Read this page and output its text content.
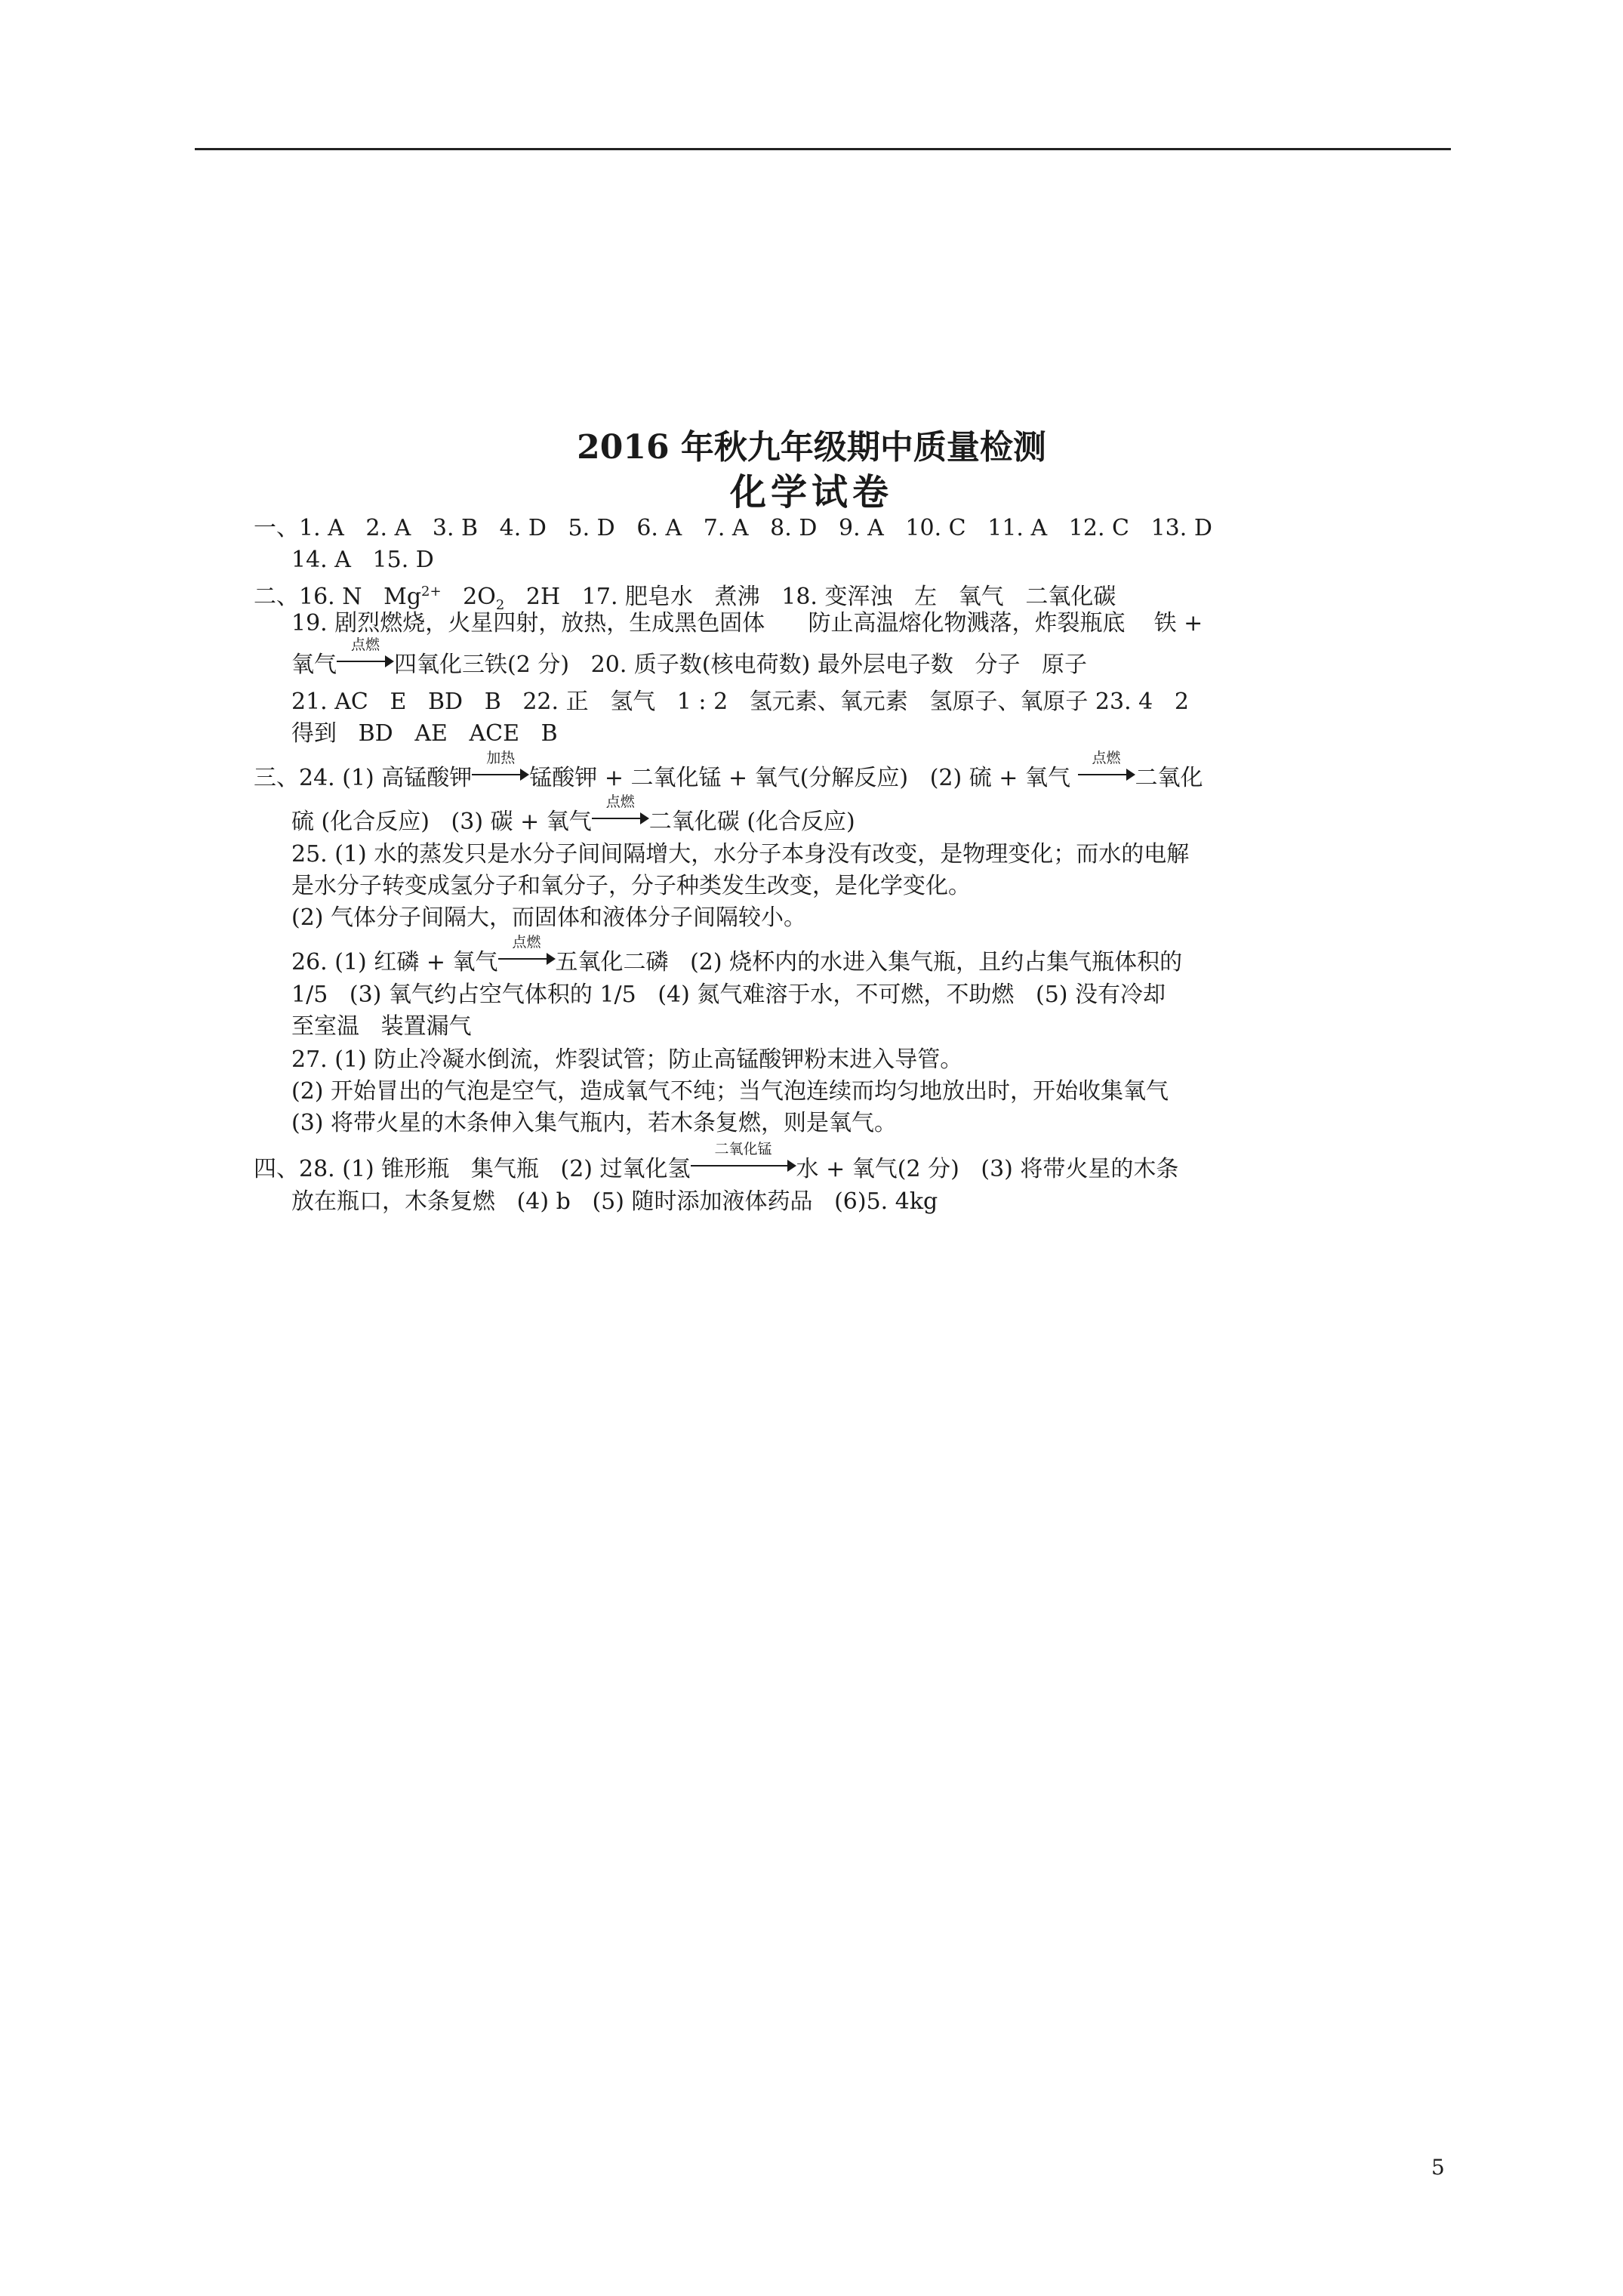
2016 年秋九年级期中质量检测
化学试卷
一、1. A   2. A   3. B   4. D   5. D   6. A   7. A   8. D   9. A   10. C   11. A   12. C   13. D
14. A   15. D
二、16. N   $Mg^{2+}$   $2O_2$   2H   17. 肥皂水   煮沸   18. 变浑浊   左   氧气   二氧化碳
19. 剧烈燃烧，火星四射，放热，生成黑色固体      防止高温熔化物溅落，炸裂瓶底    铁 +
氧气
点燃
四氧化三铁(2 分)   20. 质子数(核电荷数) 最外层电子数   分子   原子
21. AC   E   BD   B   22. 正   氢气   1 : 2   氢元素、氧元素   氢原子、氧原子 23. 4   2
得到   BD   AE   ACE   B
三、24. (1) 高锰酸钾
加热
锰酸钾 + 二氧化锰 + 氧气(分解反应)   (2) 硫 + 氧气
点燃
二氧化
硫 (化合反应)   (3) 碳 + 氧气
点燃
二氧化碳 (化合反应)
25. (1) 水的蒸发只是水分子间间隔增大，水分子本身没有改变，是物理变化；而水的电解
是水分子转变成氢分子和氧分子，分子种类发生改变，是化学变化。
(2) 气体分子间隔大，而固体和液体分子间隔较小。
26. (1) 红磷 + 氧气
点燃
五氧化二磷   (2) 烧杯内的水进入集气瓶，且约占集气瓶体积的
1/5   (3) 氧气约占空气体积的 1/5   (4) 氮气难溶于水，不可燃，不助燃   (5) 没有冷却
至室温   装置漏气
27. (1) 防止冷凝水倒流，炸裂试管；防止高锰酸钾粉末进入导管。
(2) 开始冒出的气泡是空气，造成氧气不纯；当气泡连续而均匀地放出时，开始收集氧气
(3) 将带火星的木条伸入集气瓶内，若木条复燃，则是氧气。
四、28. (1) 锥形瓶   集气瓶   (2) 过氧化氢
二氧化锰
水 + 氧气(2 分)   (3) 将带火星的木条
放在瓶口，木条复燃   (4) b   (5) 随时添加液体药品   (6)5. 4kg
5
